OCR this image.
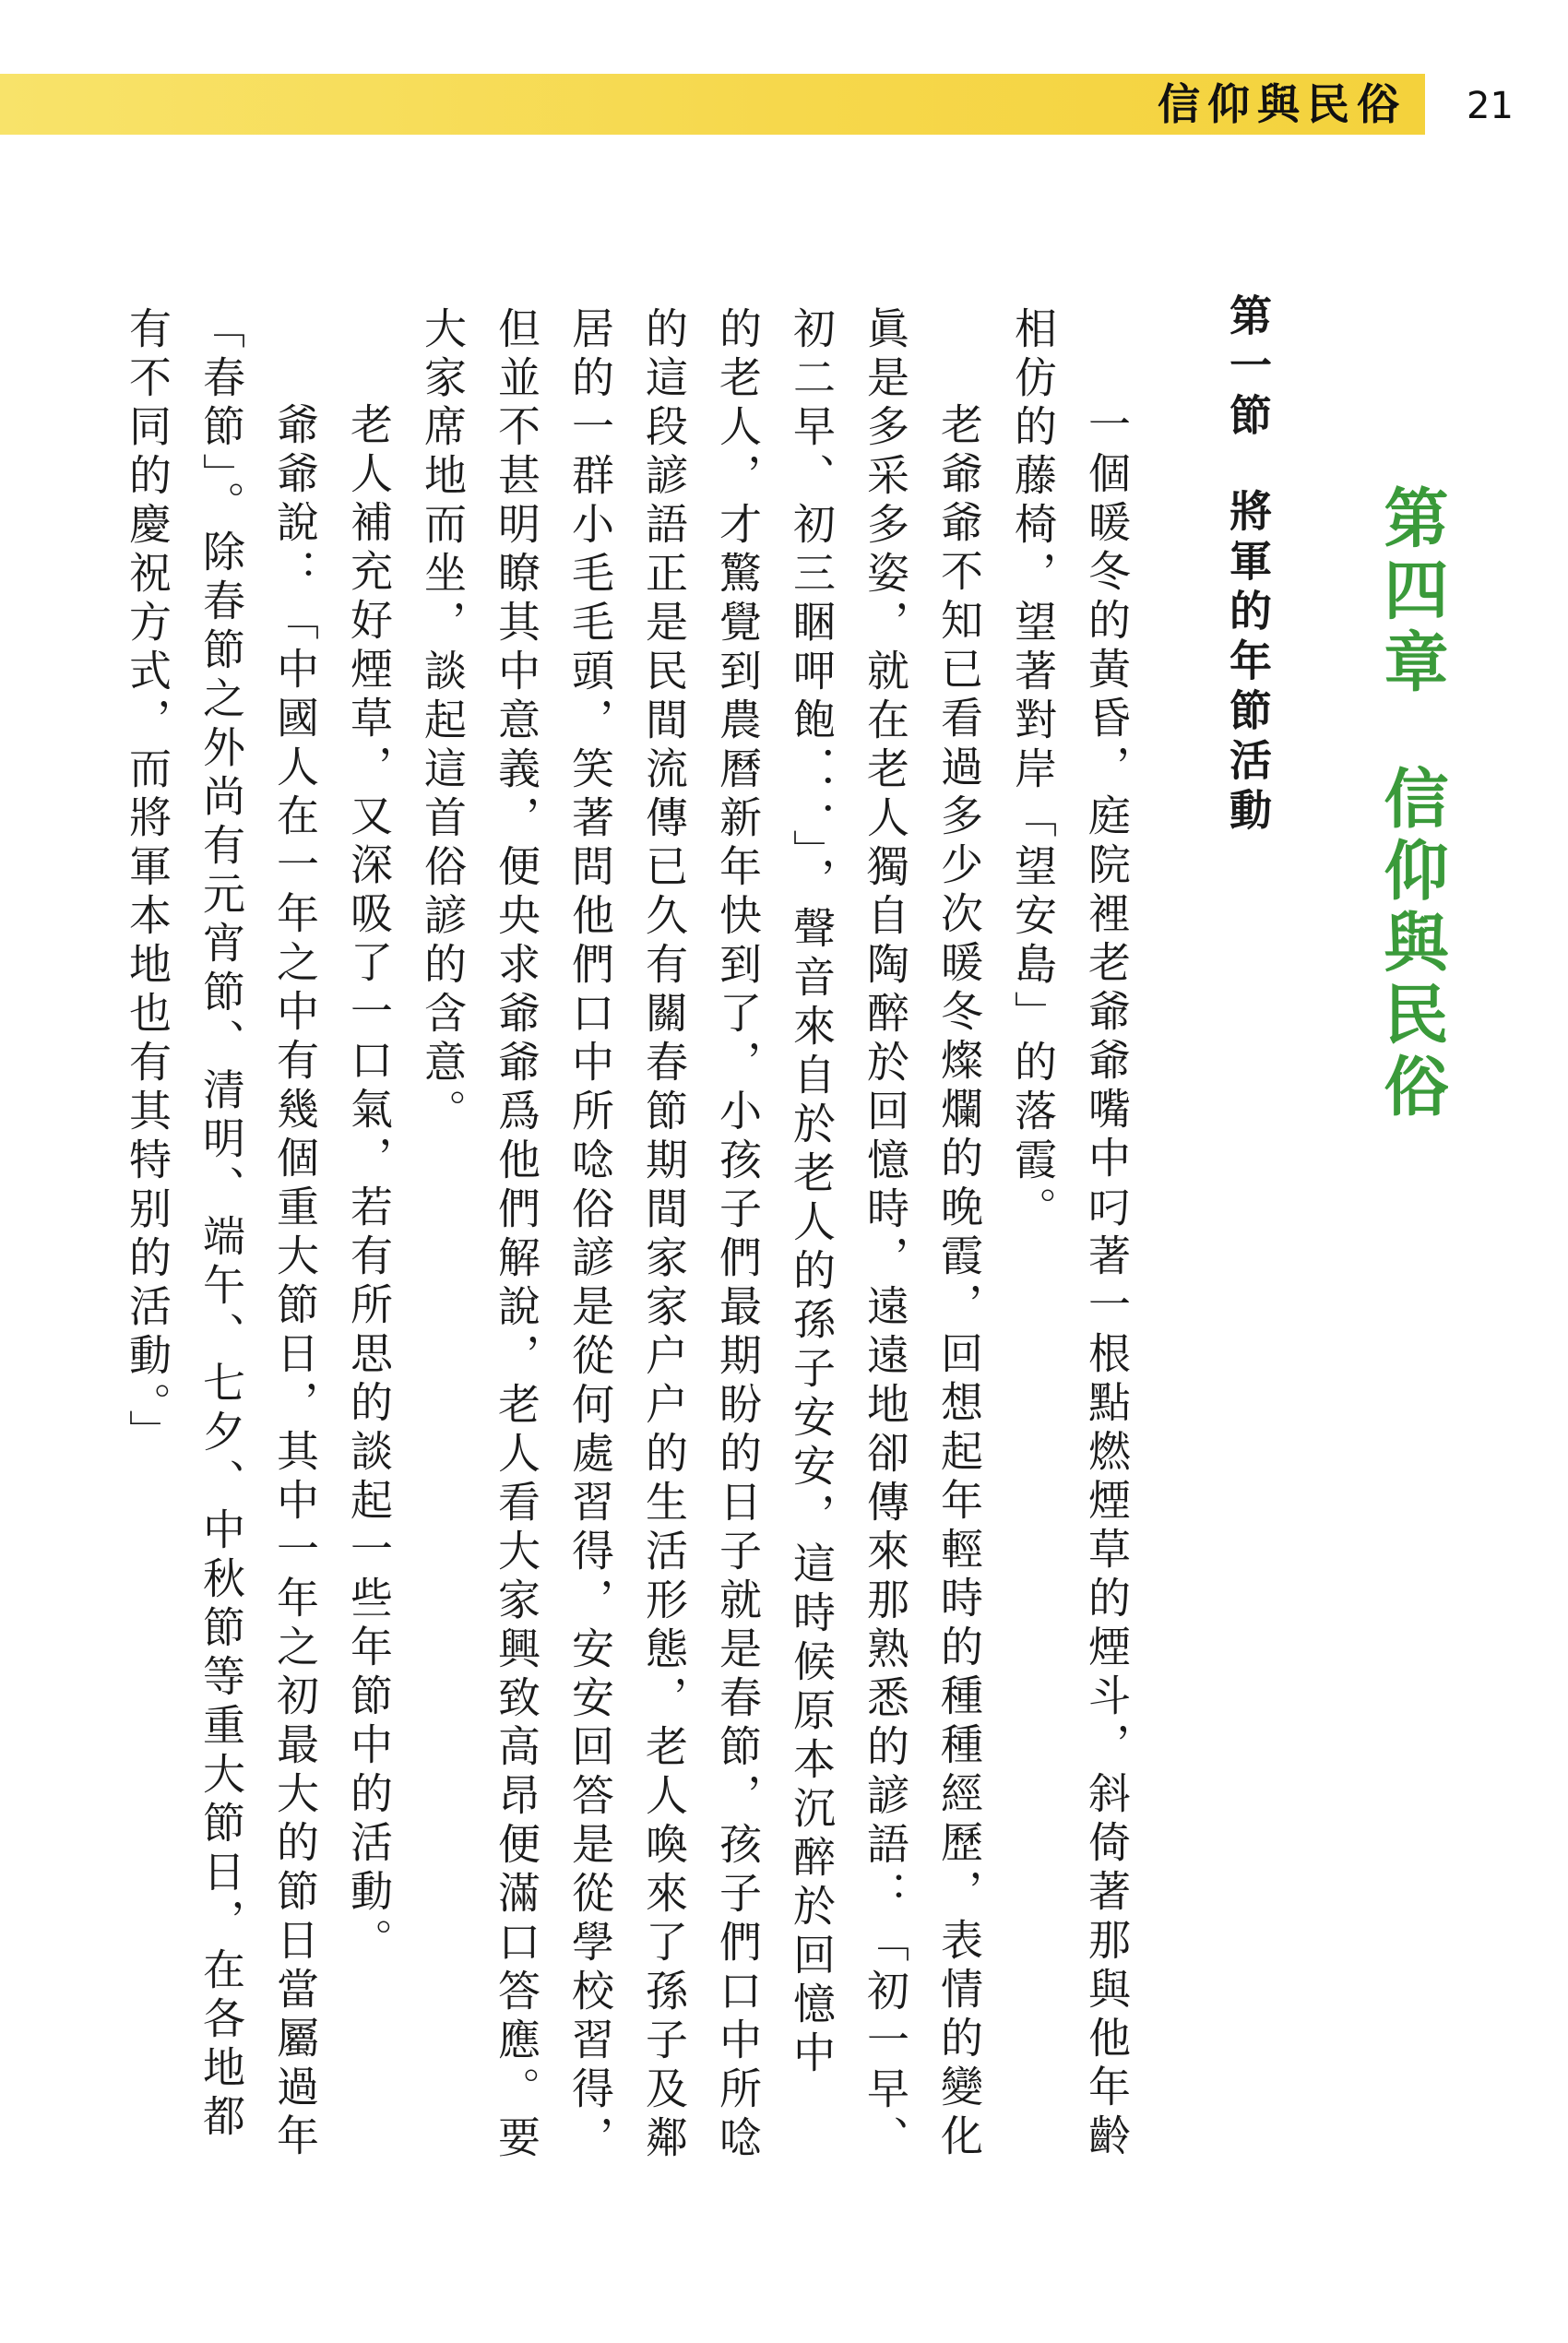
信仰與民俗 21
第四章信仰與民俗
第一節將軍的年節活動
一個暖冬的黃昏，庭院裡老爺爺嘴中叼著一根點燃煙草的煙斗，斜倚著那與他年齡
相仿的藤椅，望著對岸「望安島」的落霞。
老爺爺不知已看過多少次暖冬燦爛的晚霞，回想起年輕時的種種經歷，表情的變化
眞是多采多姿，就在老人獨自陶醉於回憶時，遠遠地卻傳來那熟悉的諺語：「初一早、
初二早、初三睏呷飽．．．」，聲音來自於老人的孫子安安，這時候原本沉醉於回憶中
的老人，才驚覺到農曆新年快到了，小孩子們最期盼的日子就是春節，孩子們口中所唸
的這段諺語正是民間流傳已久有關春節期間家家户户的生活形態，老人喚來了孫子及鄰
居的一群小毛毛頭，笑著問他們口中所唸俗諺是從何處習得，安安回答是從學校習得，
但並不甚明瞭其中意義，便央求爺爺爲他們解說，老人看大家興致高昂便滿口答應。要
大家席地而坐，談起這首俗諺的含意。
老人補充好煙草，又深吸了一口氣，若有所思的談起一些年節中的活動。
爺爺說：「中國人在一年之中有幾個重大節日，其中一年之初最大的節日當屬過年
「春節」。除春節之外尚有元宵節、清明、端午、七夕、中秋節等重大節日，在各地都
有不同的慶祝方式，而將軍本地也有其特别的活動。」
